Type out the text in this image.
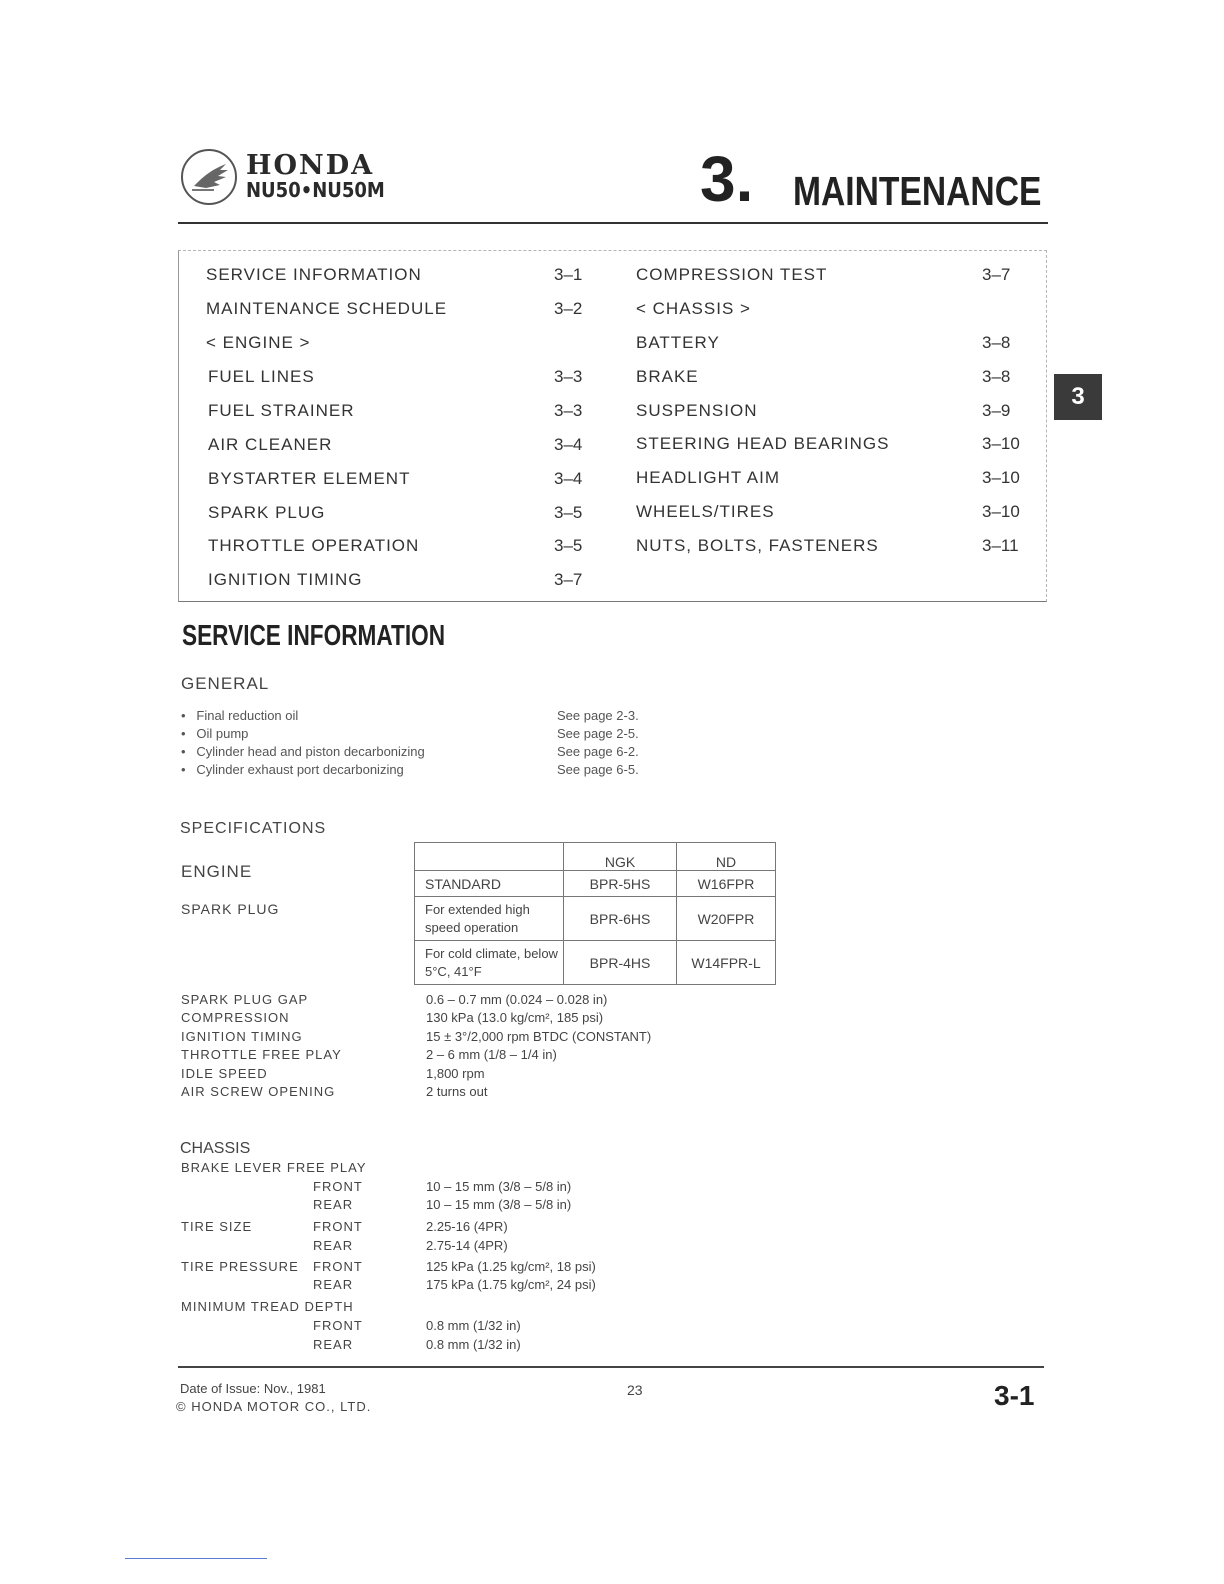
HONDA
NU50•NU50M	3. MAINTENANCE
SERVICE INFORMATION	3–1
MAINTENANCE SCHEDULE	3–2
< ENGINE >
FUEL LINES	3–3
FUEL STRAINER	3–3
AIR CLEANER	3–4
BYSTARTER ELEMENT	3–4
SPARK PLUG	3–5
THROTTLE OPERATION	3–5
IGNITION TIMING	3–7
COMPRESSION TEST	3–7
< CHASSIS >
BATTERY	3–8
BRAKE	3–8
SUSPENSION	3–9
STEERING HEAD BEARINGS	3–10
HEADLIGHT AIM	3–10
WHEELS/TIRES	3–10
NUTS, BOLTS, FASTENERS	3–11
3
SERVICE INFORMATION
GENERAL
•   Final reduction oil	See page 2-3.
•   Oil pump	See page 2-5.
•   Cylinder head and piston decarbonizing	See page 6-2.
•   Cylinder exhaust port decarbonizing	See page 6-5.
SPECIFICATIONS
ENGINE
SPARK PLUG
	NGK	ND
STANDARD	BPR-5HS	W16FPR
For extended high speed operation	BPR-6HS	W20FPR
For cold climate, below 5°C, 41°F	BPR-4HS	W14FPR-L
SPARK PLUG GAP	0.6 – 0.7 mm (0.024 – 0.028 in)
COMPRESSION	130 kPa (13.0 kg/cm², 185 psi)
IGNITION TIMING	15 ± 3°/2,000 rpm BTDC (CONSTANT)
THROTTLE FREE PLAY	2 – 6 mm (1/8 – 1/4 in)
IDLE SPEED	1,800 rpm
AIR SCREW OPENING	2 turns out
CHASSIS
BRAKE LEVER FREE PLAY
FRONT	10 – 15 mm (3/8 – 5/8 in)
REAR	10 – 15 mm (3/8 – 5/8 in)
TIRE SIZE	FRONT	2.25-16 (4PR)
REAR	2.75-14 (4PR)
TIRE PRESSURE FRONT	125 kPa (1.25 kg/cm², 18 psi)
REAR	175 kPa (1.75 kg/cm², 24 psi)
MINIMUM TREAD DEPTH
FRONT	0.8 mm (1/32 in)
REAR	0.8 mm (1/32 in)
Date of Issue: Nov., 1981
© HONDA MOTOR CO., LTD.
23	3-1
